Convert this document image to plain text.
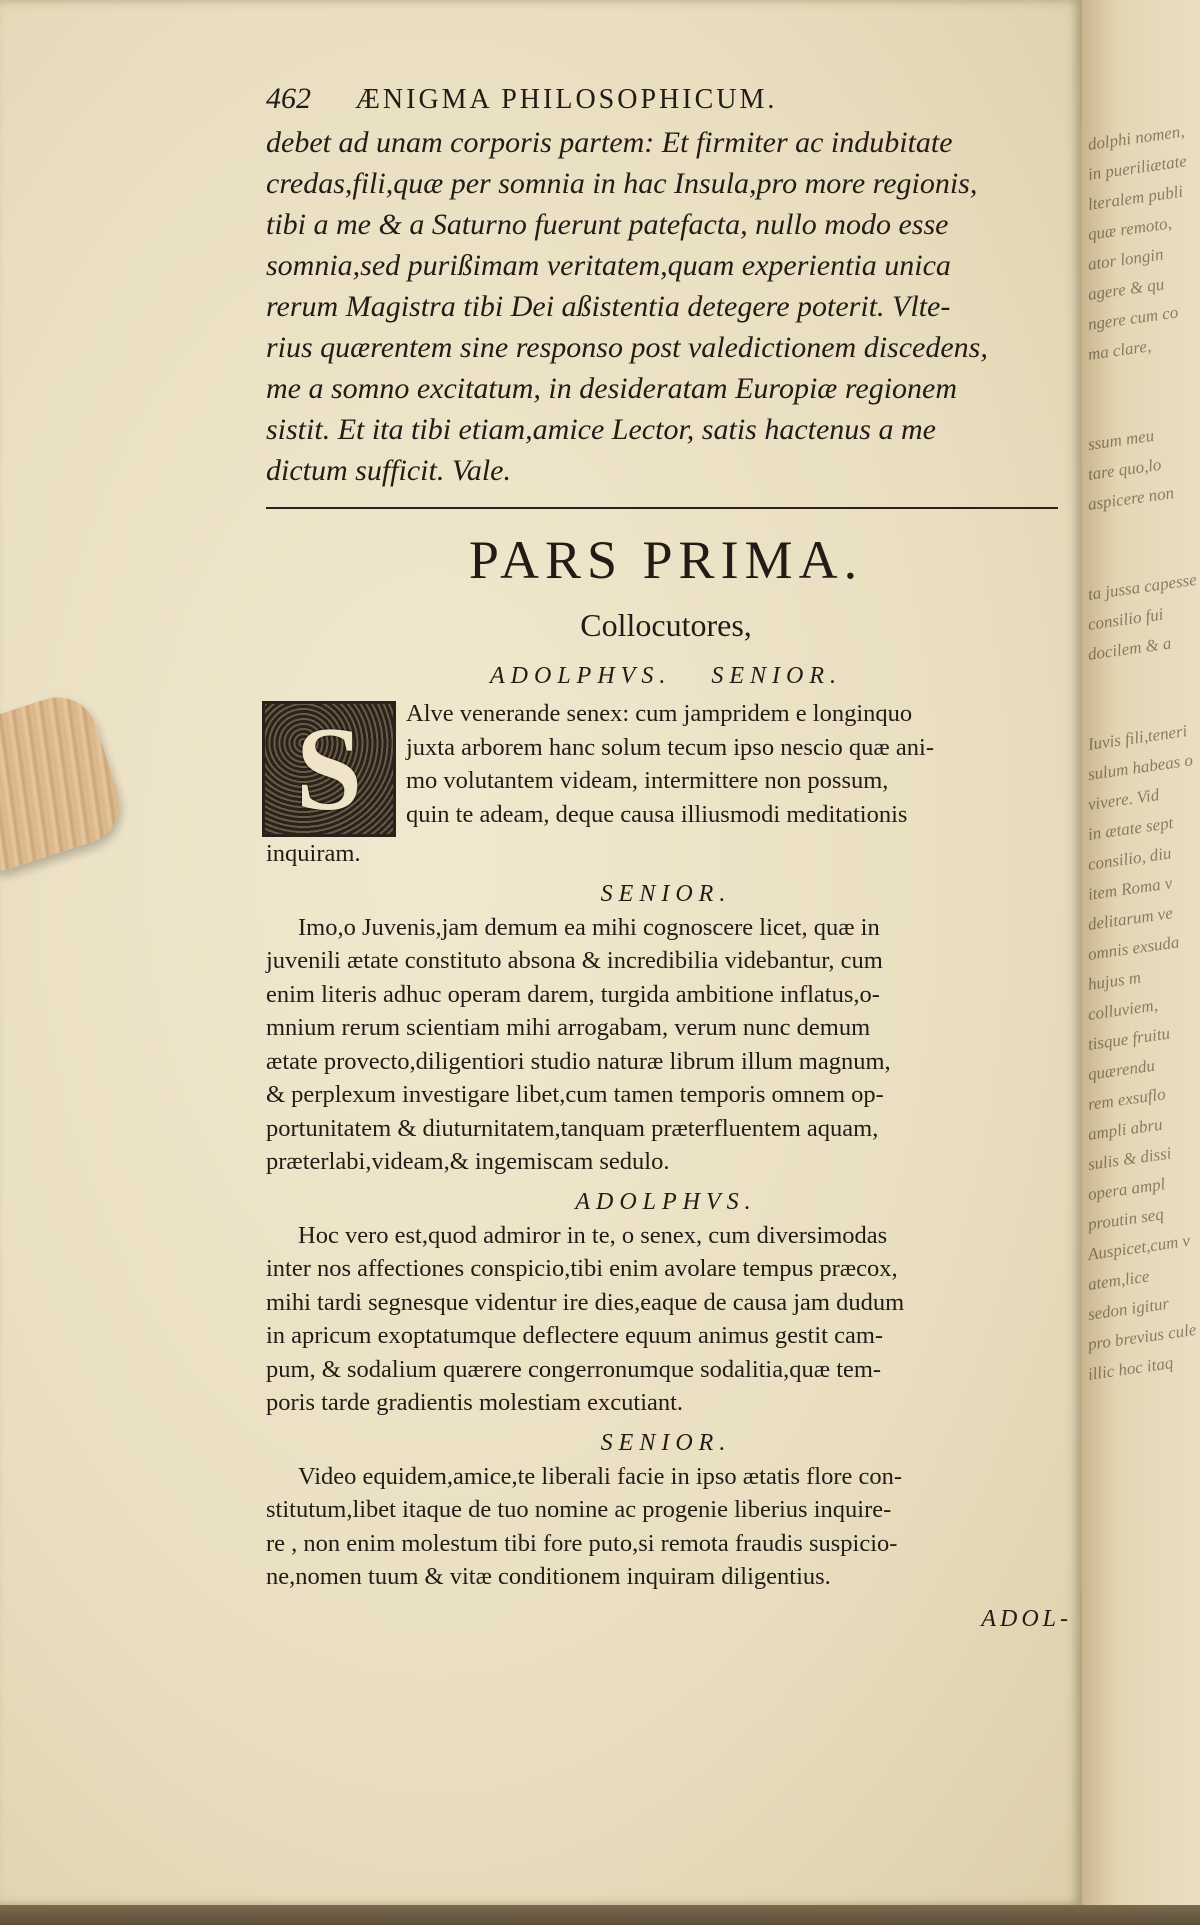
462 ÆNIGMA PHILOSOPHICUM.

debet ad unam corporis partem: Et firmiter ac indubitate

credas,fili,quæ per somnia in hac Insula,pro more regionis,

tibi a me & a Saturno fuerunt patefacta, nullo modo esse

somnia,sed purißimam veritatem,quam experientia unica

rerum Magistra tibi Dei aßistentia detegere poterit. Vlte-

rius quærentem sine responso post valedictionem discedens,

me a somno excitatum, in desideratam Europiæ regionem

sistit. Et ita tibi etiam,amice Lector, satis hactenus a me

dictum sufficit. Vale.

PARS PRIMA.
Collocutores,
ADOLPHVS. SENIOR.
S	Alve venerande senex: cum jampridem e longinquo

juxta arborem hanc solum tecum ipso nescio quæ ani-

mo volutantem videam, intermittere non possum,

quin te adeam, deque causa illiusmodi meditationis

inquiram.

SENIOR.

Imo,o Juvenis,jam demum ea mihi cognoscere licet, quæ in

juvenili ætate constituto absona & incredibilia videbantur, cum

enim literis adhuc operam darem, turgida ambitione inflatus,o-

mnium rerum scientiam mihi arrogabam, verum nunc demum

ætate provecto,diligentiori studio naturæ librum illum magnum,

& perplexum investigare libet,cum tamen temporis omnem op-

portunitatem & diuturnitatem,tanquam præterfluentem aquam,

præterlabi,videam,& ingemiscam sedulo.

ADOLPHVS.

Hoc vero est,quod admiror in te, o senex, cum diversimodas

inter nos affectiones conspicio,tibi enim avolare tempus præcox,

mihi tardi segnesque videntur ire dies,eaque de causa jam dudum

in apricum exoptatumque deflectere equum animus gestit cam-

pum, & sodalium quærere congerronumque sodalitia,quæ tem-

poris tarde gradientis molestiam excutiant.

SENIOR.

Video equidem,amice,te liberali facie in ipso ætatis flore con-

stitutum,libet itaque de tuo nomine ac progenie liberius inquire-

re , non enim molestum tibi fore puto,si remota fraudis suspicio-

ne,nomen tuum & vitæ conditionem inquiram diligentius.

ADOL-
dolphi nomen,
in pueriliætate
lteralem publi
quæ remoto,
ator longin
agere & qu
ngere cum co
ma clare,
ssum meu
tare quo,lo
aspicere non
ta jussa capesse
consilio fui
docilem & a
Iuvis fili,teneri
sulum habeas o
vivere. Vid
in ætate sept
consilio, diu
item Roma v
delitarum ve
omnis exsuda
hujus m
colluviem,
tisque fruitu
quærendu
rem exsuflo
ampli abru
sulis & dissi
opera ampl
proutin seq
Auspicet,cum v
atem,lice
sedon igitur
pro brevius cule
illic hoc itaq
